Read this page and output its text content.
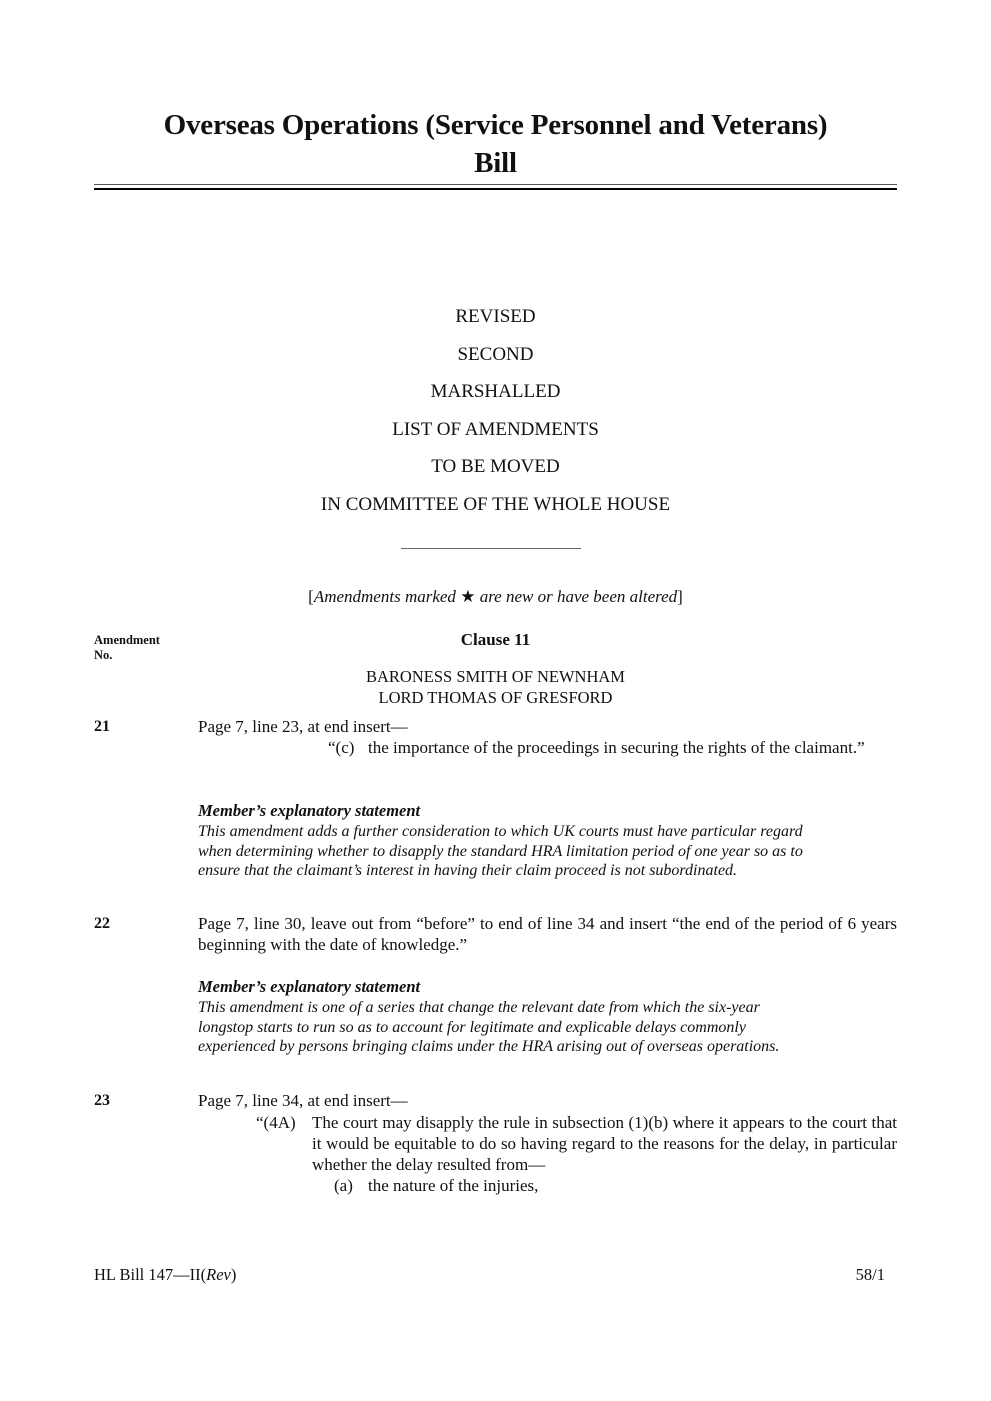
Overseas Operations (Service Personnel and Veterans)
Bill
REVISED
SECOND
MARSHALLED
LIST OF AMENDMENTS
TO BE MOVED
IN COMMITTEE OF THE WHOLE HOUSE
[Amendments marked ★ are new or have been altered]
Amendment
No.
Clause 11
BARONESS SMITH OF NEWNHAM
LORD THOMAS OF GRESFORD
21	Page 7, line 23, at end insert—
“(c) the importance of the proceedings in securing the rights of the claimant.”
Member’s explanatory statement
This amendment adds a further consideration to which UK courts must have particular regard
when determining whether to disapply the standard HRA limitation period of one year so as to
ensure that the claimant’s interest in having their claim proceed is not subordinated.
22	Page 7, line 30, leave out from “before” to end of line 34 and insert “the end of the period of 6 years beginning with the date of knowledge.”
Member’s explanatory statement
This amendment is one of a series that change the relevant date from which the six-year
longstop starts to run so as to account for legitimate and explicable delays commonly
experienced by persons bringing claims under the HRA arising out of overseas operations.
23	Page 7, line 34, at end insert—
“(4A) The court may disapply the rule in subsection (1)(b) where it appears to the court that it would be equitable to do so having regard to the reasons for the delay, in particular whether the delay resulted from—
(a) the nature of the injuries,
HL Bill 147—II(Rev)	58/1
